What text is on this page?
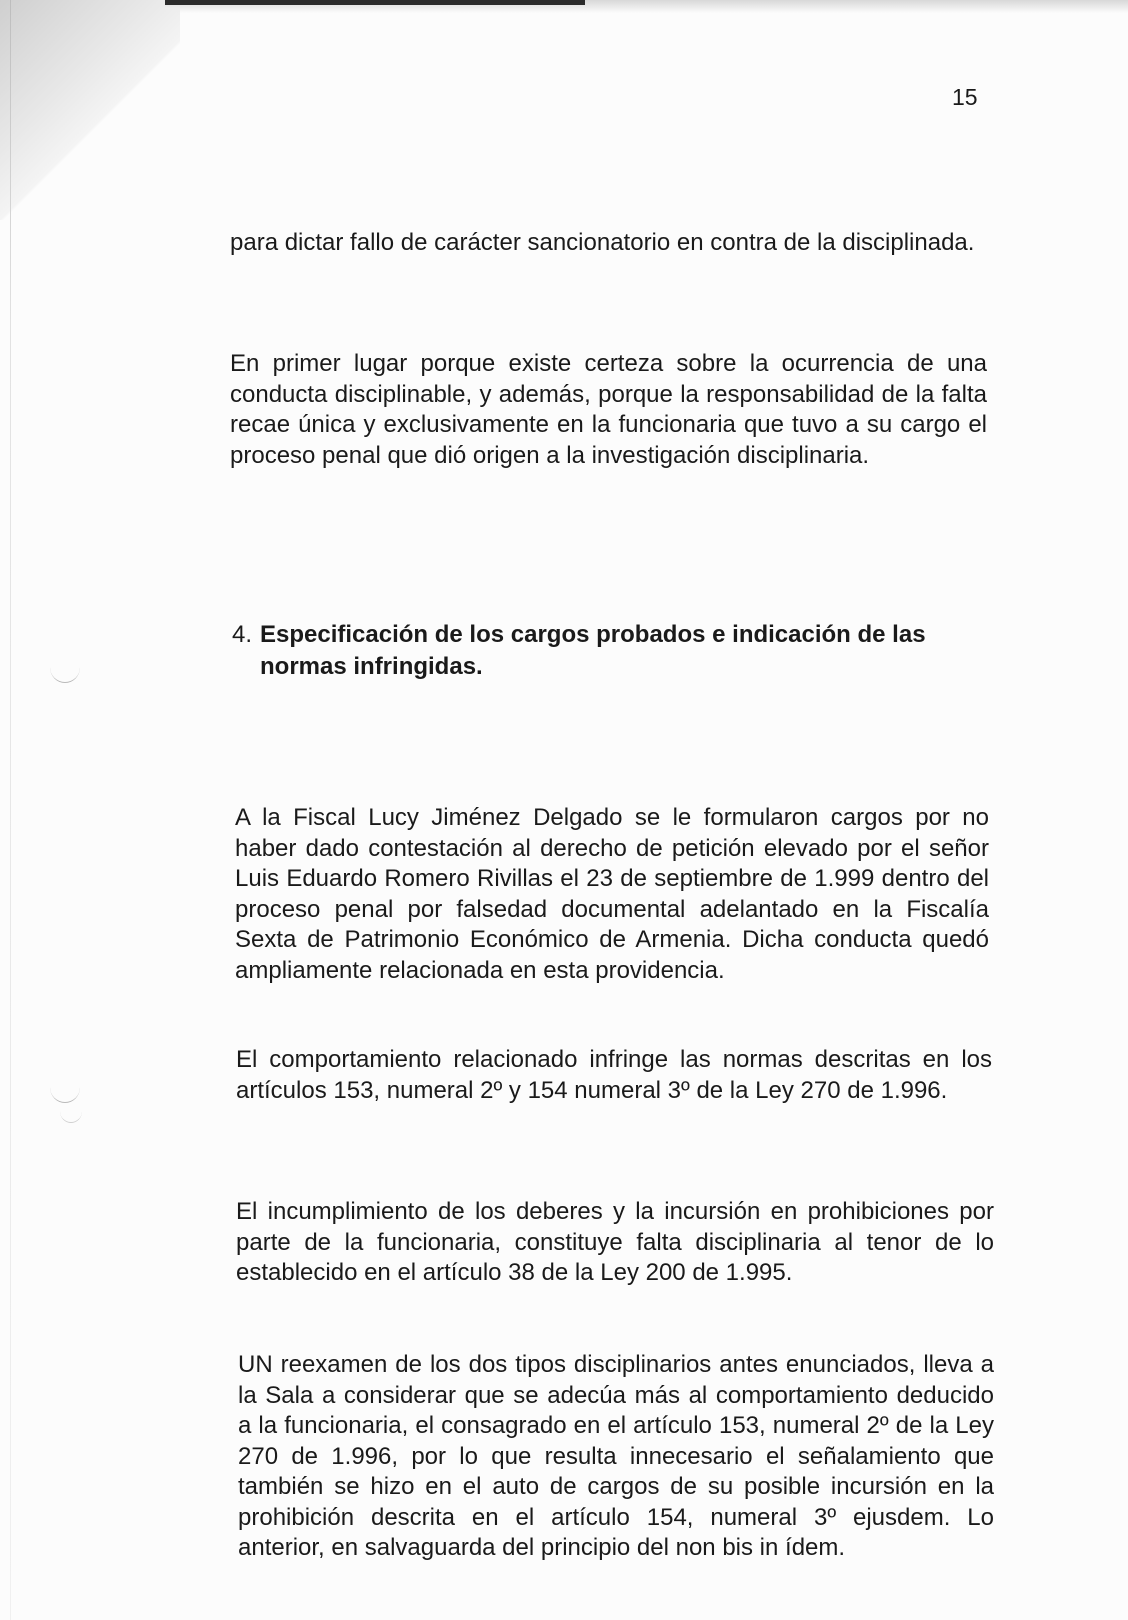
15

para dictar fallo de carácter sancionatorio en contra de la disciplinada.

En primer lugar porque existe certeza sobre la ocurrencia de una conducta disciplinable, y además, porque la responsabilidad de la falta recae única y exclusivamente en la funcionaria que tuvo a su cargo el proceso penal que dió origen a la investigación disciplinaria.

4. Especificación de los cargos probados e indicación de las normas infringidas.

A la Fiscal Lucy Jiménez Delgado se le formularon cargos por no haber dado contestación al derecho de petición elevado por el señor Luis Eduardo Romero Rivillas el 23 de septiembre de 1.999 dentro del proceso penal por falsedad documental adelantado en la Fiscalía Sexta de Patrimonio Económico de Armenia. Dicha conducta quedó ampliamente relacionada en esta providencia.

El comportamiento relacionado infringe las normas descritas en los artículos 153, numeral 2º y 154 numeral 3º de la Ley 270 de 1.996.

El incumplimiento de los deberes y la incursión en prohibiciones por parte de la funcionaria, constituye falta disciplinaria al tenor de lo establecido en el artículo 38 de la Ley 200 de 1.995.

UN reexamen de los dos tipos disciplinarios antes enunciados, lleva a la Sala a considerar que se adecúa más al comportamiento deducido a la funcionaria, el consagrado en el artículo 153, numeral 2º de la Ley 270 de 1.996, por lo que resulta innecesario el señalamiento que también se hizo en el auto de cargos de su posible incursión en la prohibición descrita en el artículo 154, numeral 3º ejusdem. Lo anterior, en salvaguarda del principio del non bis in ídem.
